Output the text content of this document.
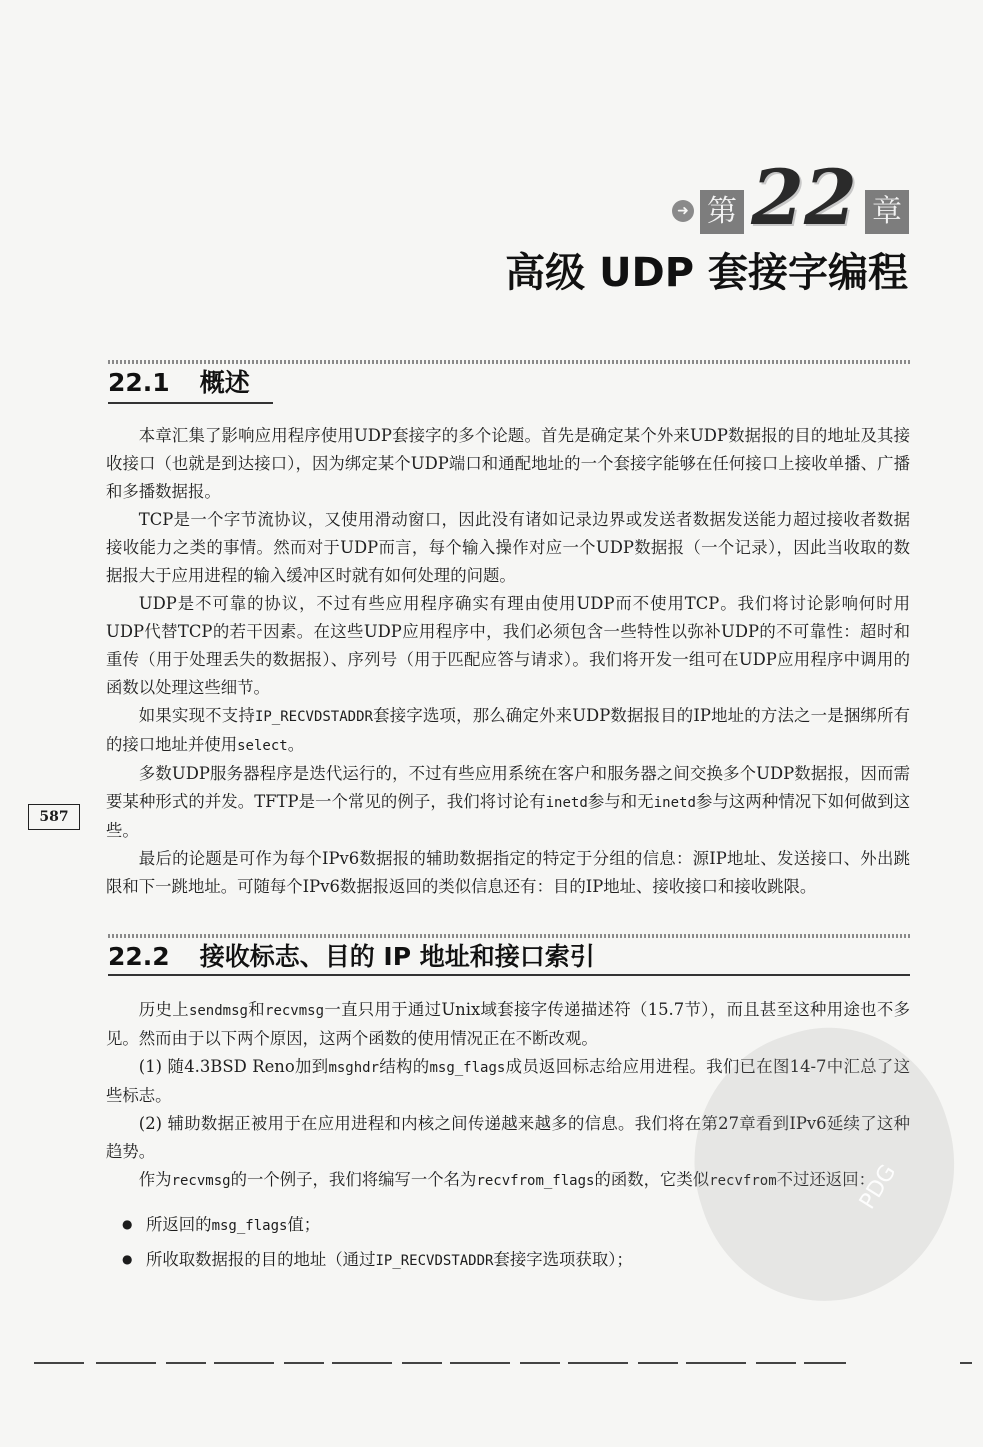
➜ 第 22 章
高级 UDP 套接字编程
22.1 概述

本章汇集了影响应用程序使用UDP套接字的多个论题。首先是确定某个外来UDP数据报的目的地址及其接收接口（也就是到达接口），因为绑定某个UDP端口和通配地址的一个套接字能够在任何接口上接收单播、广播和多播数据报。

TCP是一个字节流协议，又使用滑动窗口，因此没有诸如记录边界或发送者数据发送能力超过接收者数据接收能力之类的事情。然而对于UDP而言，每个输入操作对应一个UDP数据报（一个记录），因此当收取的数据报大于应用进程的输入缓冲区时就有如何处理的问题。

UDP是不可靠的协议，不过有些应用程序确实有理由使用UDP而不使用TCP。我们将讨论影响何时用UDP代替TCP的若干因素。在这些UDP应用程序中，我们必须包含一些特性以弥补UDP的不可靠性：超时和重传（用于处理丢失的数据报）、序列号（用于匹配应答与请求）。我们将开发一组可在UDP应用程序中调用的函数以处理这些细节。

如果实现不支持IP_RECVDSTADDR套接字选项，那么确定外来UDP数据报目的IP地址的方法之一是捆绑所有的接口地址并使用select。

多数UDP服务器程序是迭代运行的，不过有些应用系统在客户和服务器之间交换多个UDP数据报，因而需要某种形式的并发。TFTP是一个常见的例子，我们将讨论有inetd参与和无inetd参与这两种情况下如何做到这些。

最后的论题是可作为每个IPv6数据报的辅助数据指定的特定于分组的信息：源IP地址、发送接口、外出跳限和下一跳地址。可随每个IPv6数据报返回的类似信息还有：目的IP地址、接收接口和接收跳限。

587
22.2 接收标志、目的 IP 地址和接口索引

历史上sendmsg和recvmsg一直只用于通过Unix域套接字传递描述符（15.7节），而且甚至这种用途也不多见。然而由于以下两个原因，这两个函数的使用情况正在不断改观。

(1) 随4.3BSD Reno加到msghdr结构的msg_flags成员返回标志给应用进程。我们已在图14-7中汇总了这些标志。

(2) 辅助数据正被用于在应用进程和内核之间传递越来越多的信息。我们将在第27章看到IPv6延续了这种趋势。

作为recvmsg的一个例子，我们将编写一个名为recvfrom_flags的函数，它类似recvfrom不过还返回：

● 所返回的msg_flags值；
● 所收取数据报的目的地址（通过IP_RECVDSTADDR套接字选项获取）；
PDG
